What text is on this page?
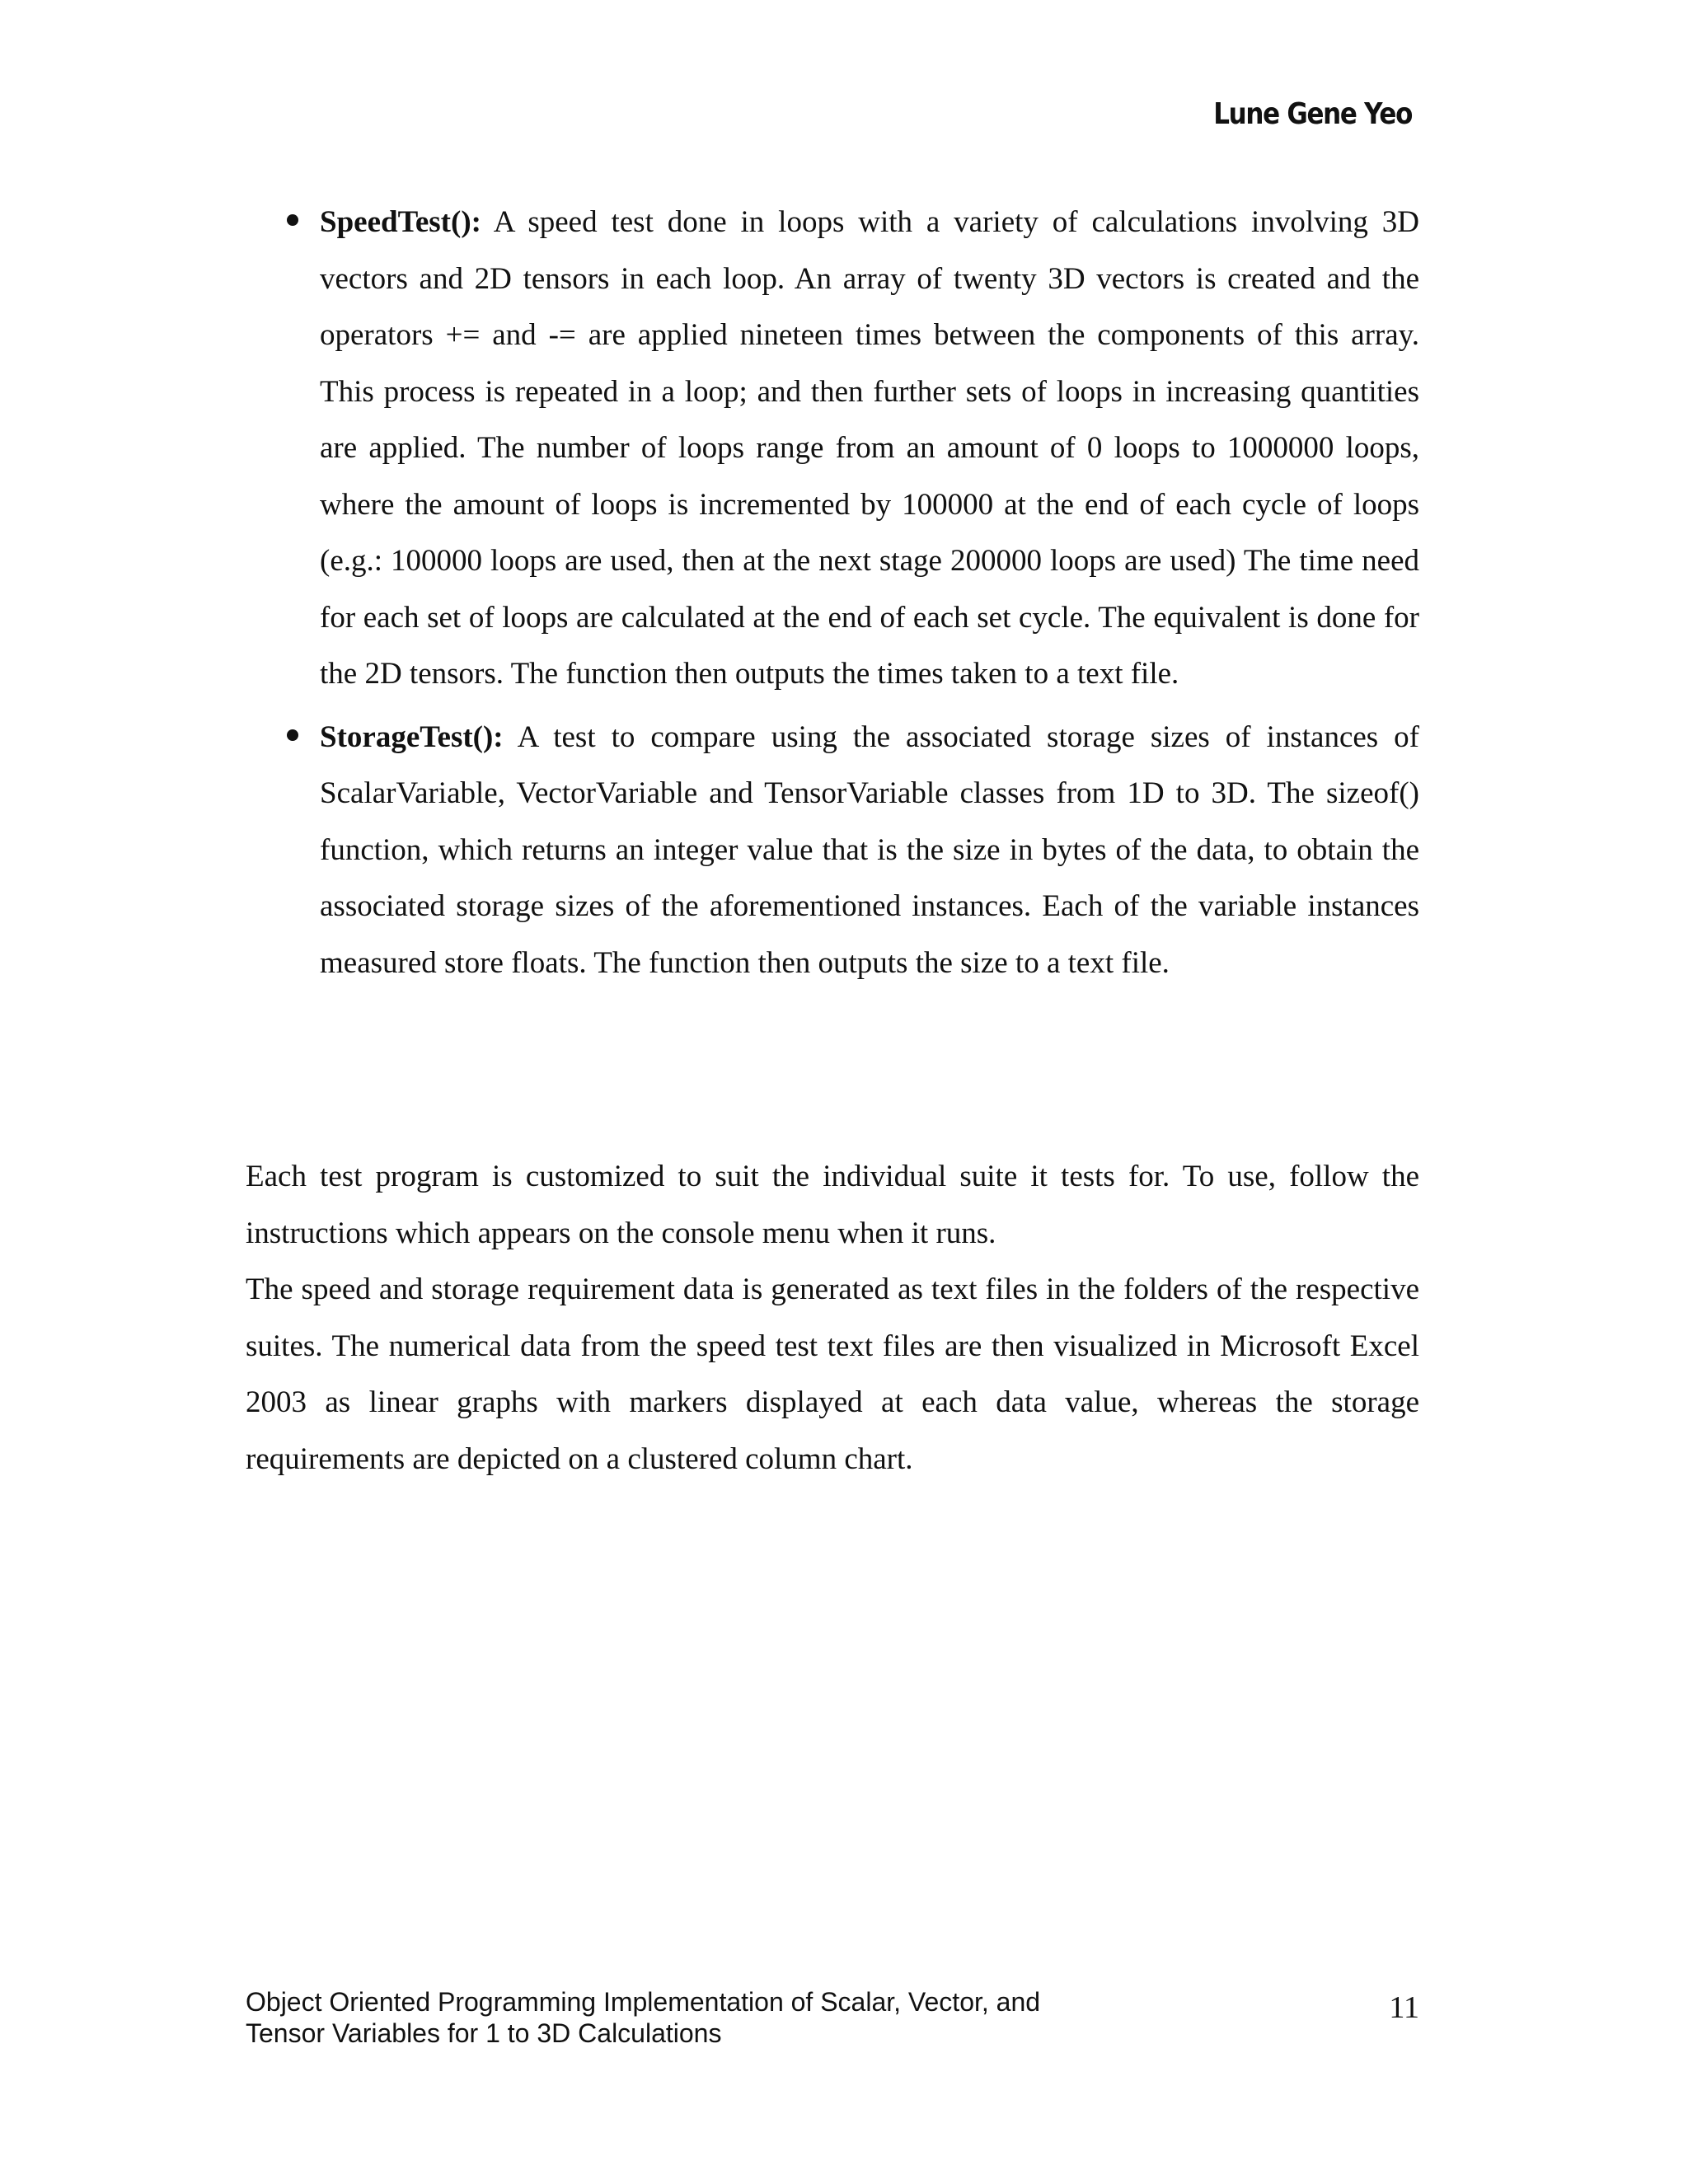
Lune Gene Yeo

SpeedTest(): A speed test done in loops with a variety of calculations involving 3D vectors and 2D tensors in each loop. An array of twenty 3D vectors is created and the operators += and -= are applied nineteen times between the components of this array. This process is repeated in a loop; and then further sets of loops in increasing quantities are applied. The number of loops range from an amount of 0 loops to 1000000 loops, where the amount of loops is incremented by 100000 at the end of each cycle of loops (e.g.: 100000 loops are used, then at the next stage 200000 loops are used) The time need for each set of loops are calculated at the end of each set cycle. The equivalent is done for the 2D tensors. The function then outputs the times taken to a text file.

StorageTest(): A test to compare using the associated storage sizes of instances of ScalarVariable, VectorVariable and TensorVariable classes from 1D to 3D. The sizeof() function, which returns an integer value that is the size in bytes of the data, to obtain the associated storage sizes of the aforementioned instances. Each of the variable instances measured store floats. The function then outputs the size to a text file.

Each test program is customized to suit the individual suite it tests for. To use, follow the instructions which appears on the console menu when it runs.

The speed and storage requirement data is generated as text files in the folders of the respective suites. The numerical data from the speed test text files are then visualized in Microsoft Excel 2003 as linear graphs with markers displayed at each data value, whereas the storage requirements are depicted on a clustered column chart.

Object Oriented Programming Implementation of Scalar, Vector, and
Tensor Variables for 1 to 3D Calculations
11
